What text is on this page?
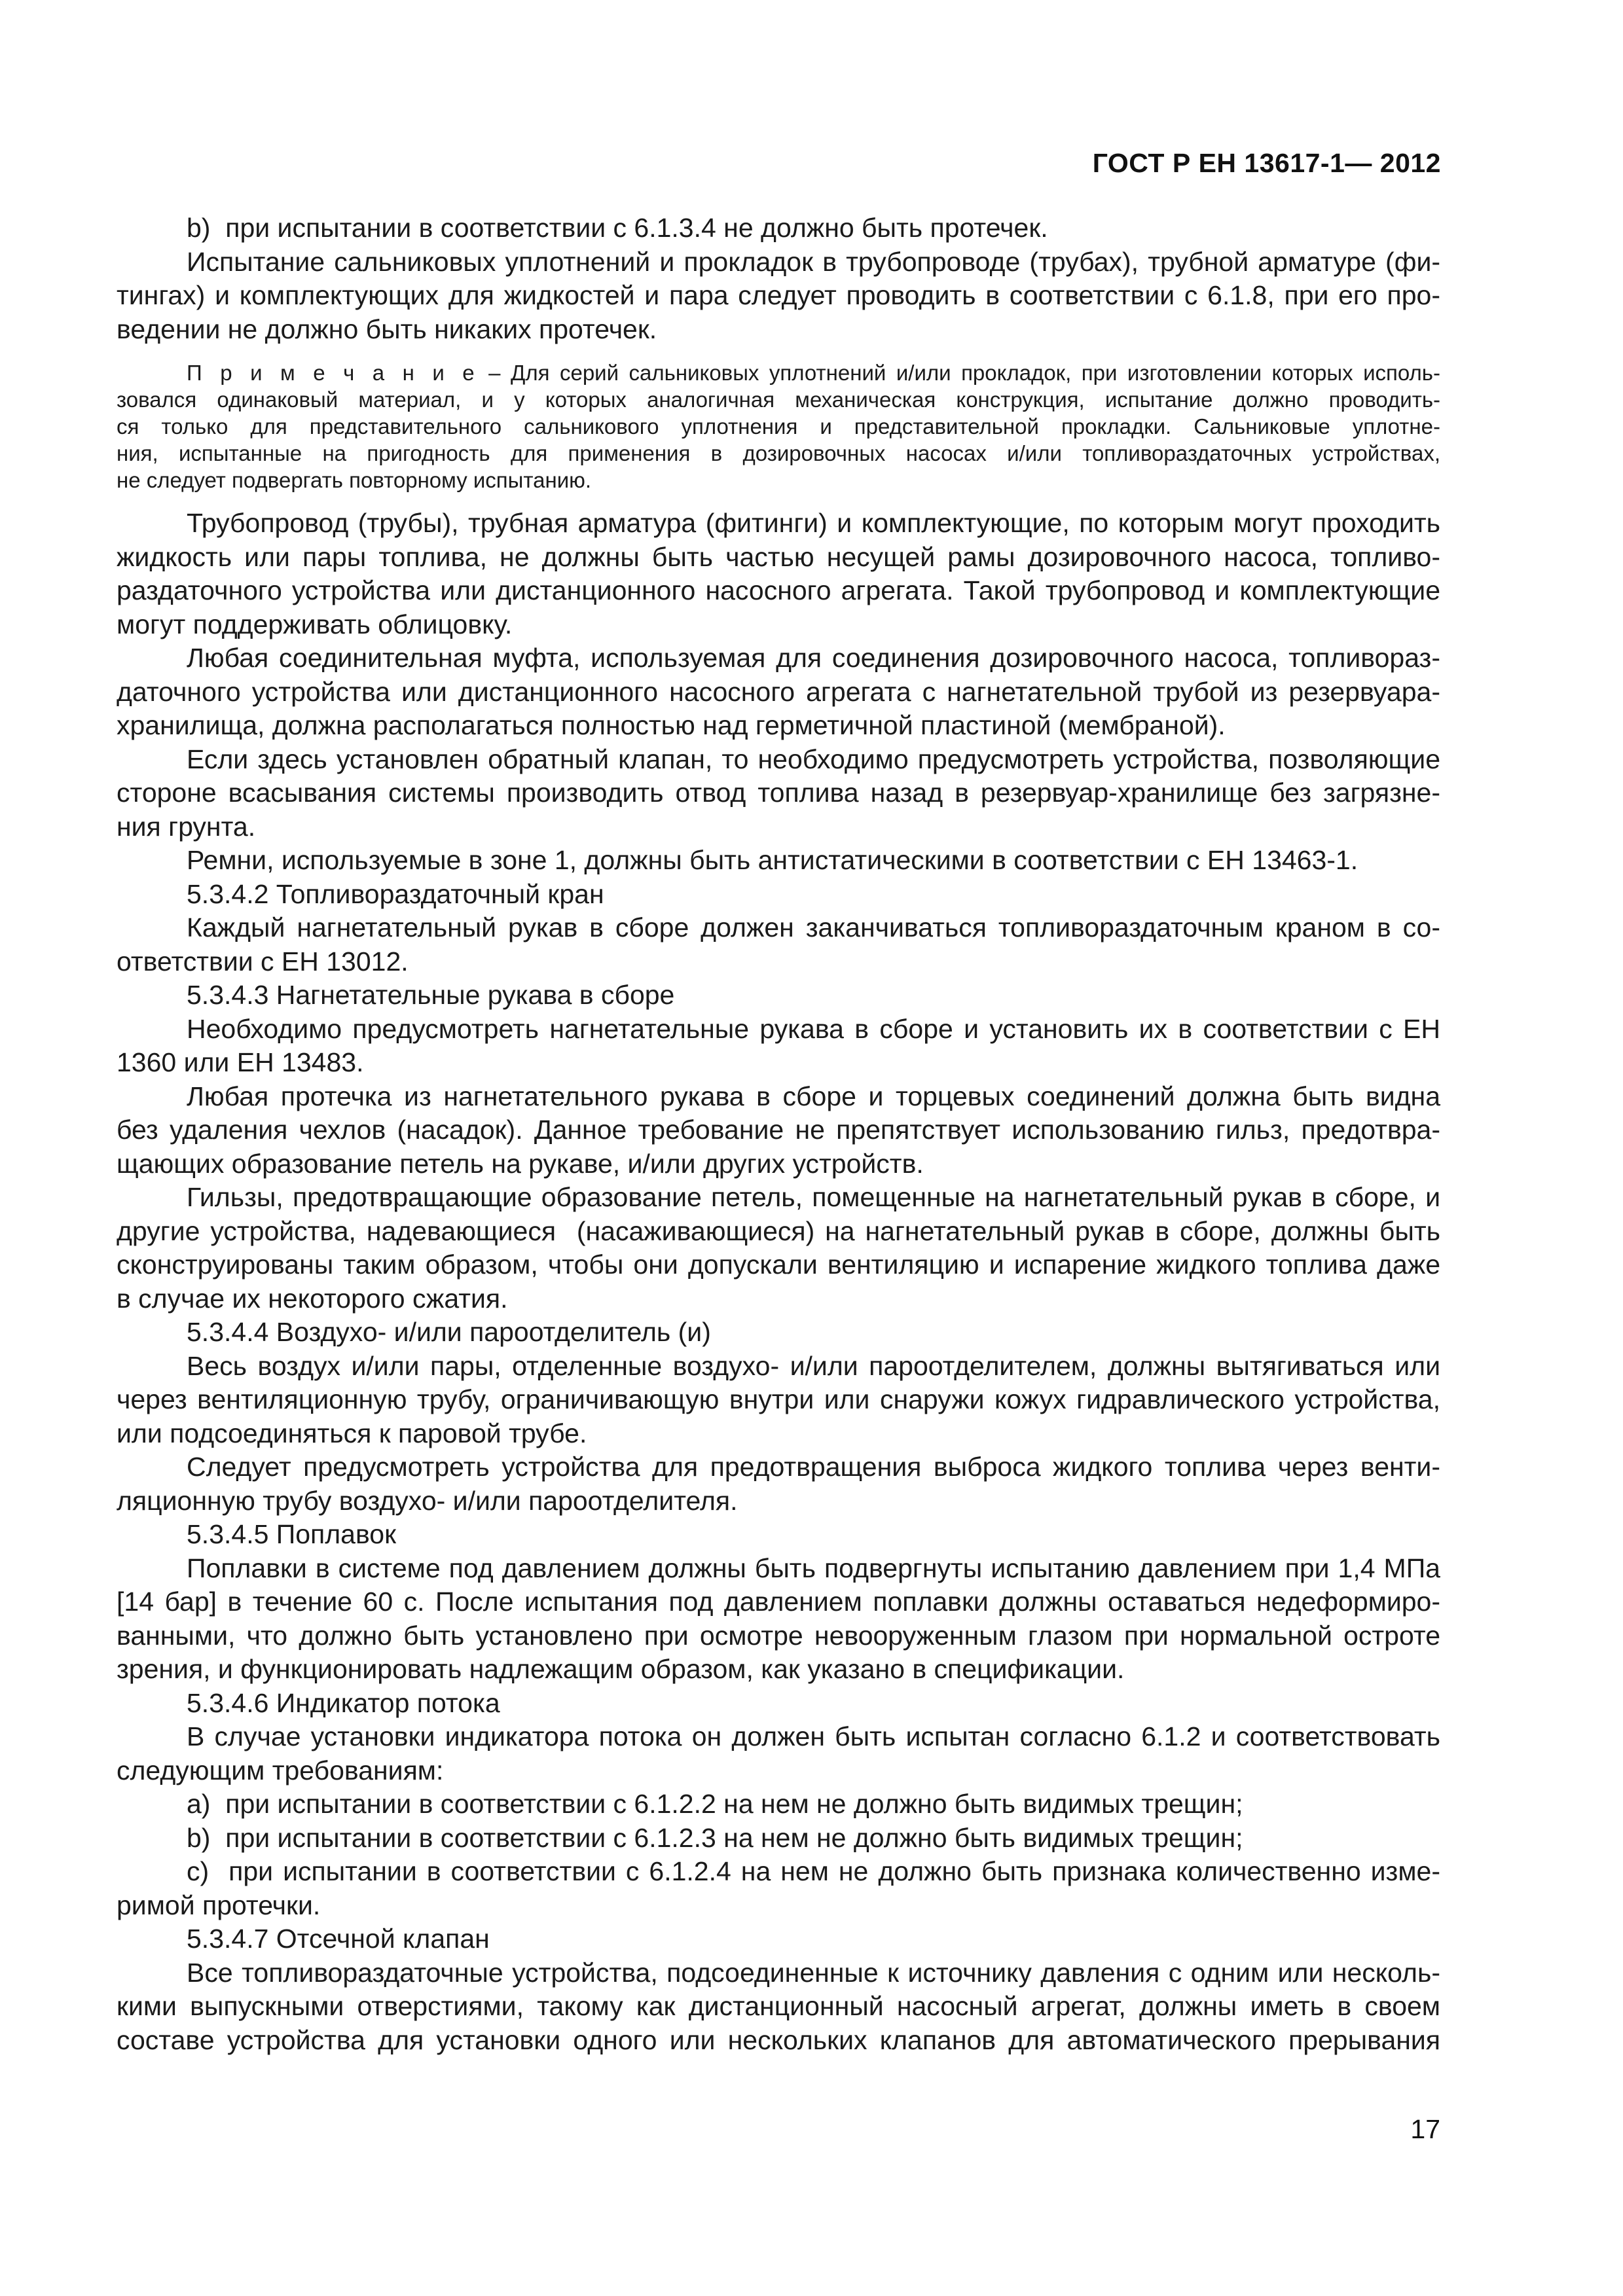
ГОСТ Р ЕН 13617-1— 2012

b)  при испытании в соответствии с 6.1.3.4 не должно быть протечек.

Испытание сальниковых уплотнений и прокладок в трубопроводе (трубах), трубной арматуре (фи-

тингах) и комплектующих для жидкостей и пара следует проводить в соответствии с 6.1.8, при его про-

ведении не должно быть никаких протечек.

П р и м е ч а н и е – Для серий сальниковых уплотнений и/или прокладок, при изготовлении которых исполь-

зовался одинаковый материал, и у которых аналогичная механическая конструкция, испытание должно проводить-

ся только для представительного сальникового уплотнения и представительной прокладки. Сальниковые уплотне-

ния, испытанные на пригодность для применения в дозировочных насосах и/или топливораздаточных устройствах,

не следует подвергать повторному испытанию.

Трубопровод (трубы), трубная арматура (фитинги) и комплектующие, по которым могут проходить

жидкость или пары топлива, не должны быть частью несущей рамы дозировочного насоса, топливо-

раздаточного устройства или дистанционного насосного агрегата. Такой трубопровод и комплектующие

могут поддерживать облицовку.

Любая соединительная муфта, используемая для соединения дозировочного насоса, топливораз-

даточного устройства или дистанционного насосного агрегата с нагнетательной трубой из резервуара-

хранилища, должна располагаться полностью над герметичной пластиной (мембраной).

Если здесь установлен обратный клапан, то необходимо предусмотреть устройства, позволяющие

стороне всасывания системы производить отвод топлива назад в резервуар-хранилище без загрязне-

ния грунта.

Ремни, используемые в зоне 1, должны быть антистатическими в соответствии с ЕН 13463-1.

5.3.4.2 Топливораздаточный кран

Каждый нагнетательный рукав в сборе должен заканчиваться топливораздаточным краном в со-

ответствии с ЕН 13012.

5.3.4.3 Нагнетательные рукава в сборе

Необходимо предусмотреть нагнетательные рукава в сборе и установить их в соответствии с ЕН

1360 или ЕН 13483.

Любая протечка из нагнетательного рукава в сборе и торцевых соединений должна быть видна

без удаления чехлов (насадок). Данное требование не препятствует использованию гильз, предотвра-

щающих образование петель на рукаве, и/или других устройств.

Гильзы, предотвращающие образование петель, помещенные на нагнетательный рукав в сборе, и

другие устройства, надевающиеся  (насаживающиеся) на нагнетательный рукав в сборе, должны быть

сконструированы таким образом, чтобы они допускали вентиляцию и испарение жидкого топлива даже

в случае их некоторого сжатия.

5.3.4.4 Воздухо- и/или пароотделитель (и)

Весь воздух и/или пары, отделенные воздухо- и/или пароотделителем, должны вытягиваться или

через вентиляционную трубу, ограничивающую внутри или снаружи кожух гидравлического устройства,

или подсоединяться к паровой трубе.

Следует предусмотреть устройства для предотвращения выброса жидкого топлива через венти-

ляционную трубу воздухо- и/или пароотделителя.

5.3.4.5 Поплавок

Поплавки в системе под давлением должны быть подвергнуты испытанию давлением при 1,4 МПа

[14 бар] в течение 60 с. После испытания под давлением поплавки должны оставаться недеформиро-

ванными, что должно быть установлено при осмотре невооруженным глазом при нормальной остроте

зрения, и функционировать надлежащим образом, как указано в спецификации.

5.3.4.6 Индикатор потока

В случае установки индикатора потока он должен быть испытан согласно 6.1.2 и соответствовать

следующим требованиям:

a)  при испытании в соответствии с 6.1.2.2 на нем не должно быть видимых трещин;

b)  при испытании в соответствии с 6.1.2.3 на нем не должно быть видимых трещин;

c)  при испытании в соответствии с 6.1.2.4 на нем не должно быть признака количественно изме-

римой протечки.

5.3.4.7 Отсечной клапан

Все топливораздаточные устройства, подсоединенные к источнику давления с одним или несколь-

кими выпускными отверстиями, такому как дистанционный насосный агрегат, должны иметь в своем

составе устройства для установки одного или нескольких клапанов для автоматического прерывания

17
